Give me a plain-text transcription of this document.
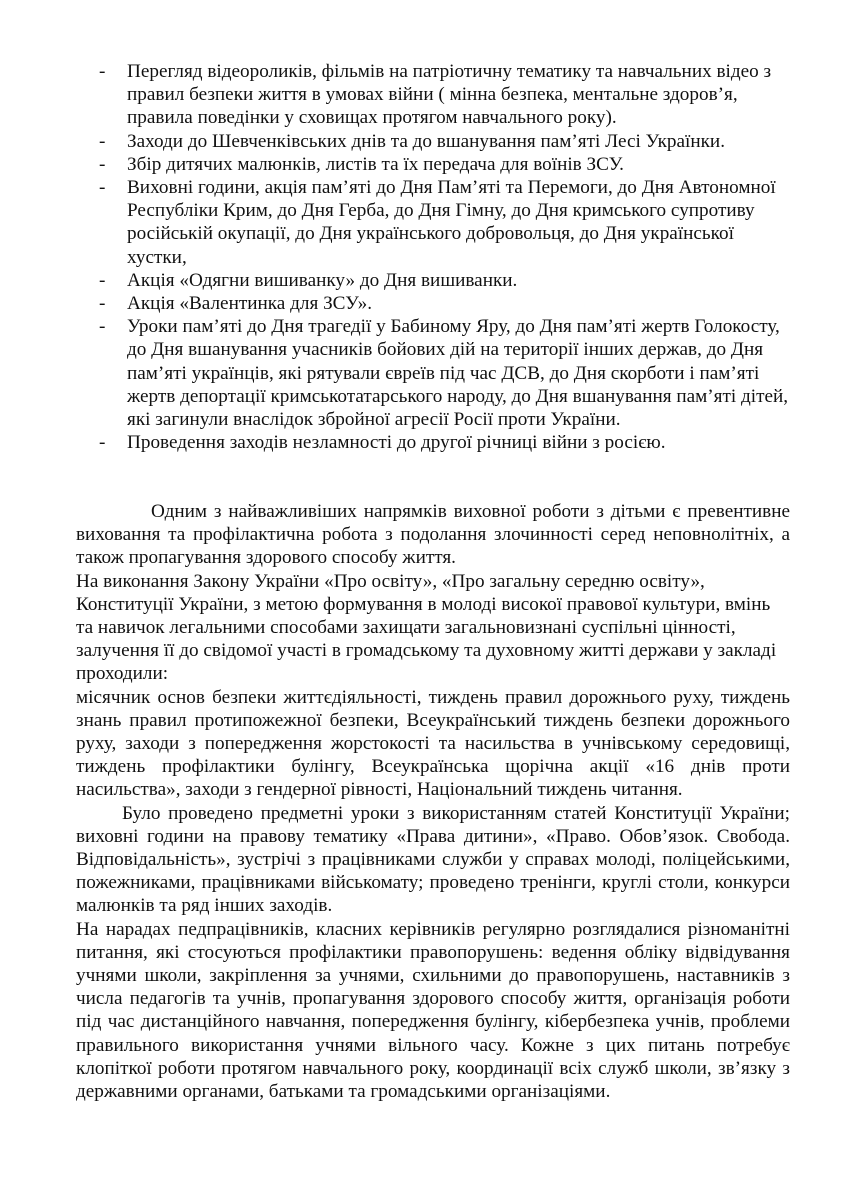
- Перегляд відеороликів, фільмів на патріотичну тематику та навчальних відео з правил безпеки життя в умовах війни ( мінна безпека, ментальне здоров’я, правила поведінки у сховищах протягом навчального року).
- Заходи до Шевченківських днів та до вшанування пам’яті Лесі Українки.
- Збір дитячих малюнків, листів та їх передача для воїнів ЗСУ.
- Виховні години, акція пам’яті до Дня Пам’яті та Перемоги, до Дня Автономної Республіки Крим, до Дня Герба, до Дня Гімну, до Дня кримського супротиву російській окупації, до Дня українського добровольця, до Дня української хустки,
- Акція «Одягни вишиванку» до Дня вишиванки.
- Акція «Валентинка для ЗСУ».
- Уроки пам’яті до Дня трагедії у Бабиному Яру, до Дня пам’яті жертв Голокосту, до Дня вшанування учасників бойових дій на території інших держав, до Дня пам’яті українців, які рятували євреїв під час ДСВ, до Дня скорботи і пам’яті жертв депортації кримськотатарського народу, до Дня вшанування пам’яті дітей, які загинули внаслідок збройної агресії Росії проти України.
- Проведення заходів незламності до другої річниці війни з росією.

Одним з найважливіших напрямків виховної роботи з дітьми є превентивне виховання та профілактична робота з подолання злочинності серед неповнолітніх, а також пропагування здорового способу життя.

На виконання Закону України «Про освіту», «Про загальну середню освіту», Конституції України, з метою формування в молоді високої правової культури, вмінь та навичок легальними способами захищати загальновизнані суспільні цінності, залучення її до свідомої участі в громадському та духовному житті держави у закладі проходили:

місячник основ безпеки життєдіяльності, тиждень правил дорожнього руху, тиждень знань правил протипожежної безпеки, Всеукраїнський тиждень безпеки дорожнього руху, заходи з попередження жорстокості та насильства в учнівському середовищі, тиждень профілактики булінгу, Всеукраїнська щорічна акції «16 днів проти насильства», заходи з гендерної рівності, Національний тиждень читання.

Було проведено предметні уроки з використанням статей Конституції України; виховні години на правову тематику «Права дитини», «Право. Обов’язок. Свобода. Відповідальність», зустрічі з працівниками служби у справах молоді, поліцейськими, пожежниками, працівниками військомату; проведено тренінги, круглі столи, конкурси малюнків та ряд інших заходів.

На нарадах педпрацівників, класних керівників регулярно розглядалися різноманітні питання, які стосуються профілактики правопорушень: ведення обліку відвідування учнями школи, закріплення за учнями, схильними до правопорушень, наставників з числа педагогів та учнів, пропагування здорового способу життя, організація роботи під час дистанційного навчання, попередження булінгу, кібербезпека учнів, проблеми правильного використання учнями вільного часу. Кожне з цих питань потребує клопіткої роботи протягом навчального року, координації всіх служб школи, зв’язку з державними органами, батьками та громадськими організаціями.
